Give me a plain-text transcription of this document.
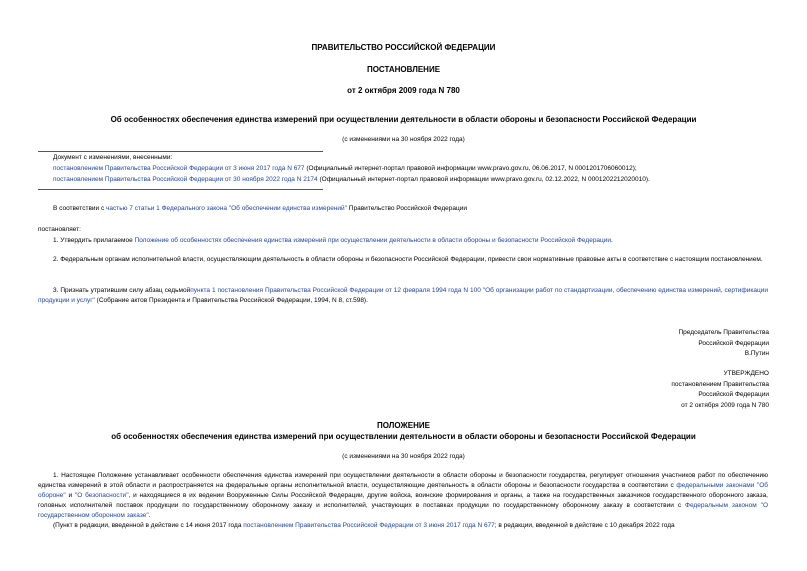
ПРАВИТЕЛЬСТВО РОССИЙСКОЙ ФЕДЕРАЦИИ
ПОСТАНОВЛЕНИЕ
от 2 октября 2009 года N 780
Об особенностях обеспечения единства измерений при осуществлении деятельности в области обороны и безопасности Российской Федерации
(с изменениями на 30 ноября 2022 года)
Документ с изменениями, внесенными:
постановлением Правительства Российской Федерации от 3 июня 2017 года N 677 (Официальный интернет-портал правовой информации www.pravo.gov.ru, 06.06.2017, N 0001201706060012);
постановлением Правительства Российской Федерации от 30 ноября 2022 года N 2174 (Официальный интернет-портал правовой информации www.pravo.gov.ru, 02.12.2022, N 0001202212020010).
В соответствии с частью 7 статьи 1 Федерального закона "Об обеспечении единства измерений" Правительство Российской Федерации
постановляет:
1. Утвердить прилагаемое Положение об особенностях обеспечения единства измерений при осуществлении деятельности в области обороны и безопасности Российской Федерации.
2. Федеральным органам исполнительной власти, осуществляющим деятельность в области обороны и безопасности Российской Федерации, привести свои нормативные правовые акты в соответствие с настоящим постановлением.
3. Признать утратившим силу абзац седьмойпункта 1 постановления Правительства Российской Федерации от 12 февраля 1994 года N 100 "Об организации работ по стандартизации, обеспечению единства измерений, сертификации продукции и услуг" (Собрание актов Президента и Правительства Российской Федерации, 1994, N 8, ст.598).
Председатель Правительства
Российской Федерации
В.Путин
УТВЕРЖДЕНО
постановлением Правительства
Российской Федерации
от 2 октября 2009 года N 780
ПОЛОЖЕНИЕ
об особенностях обеспечения единства измерений при осуществлении деятельности в области обороны и безопасности Российской Федерации
(с изменениями на 30 ноября 2022 года)
1. Настоящее Положение устанавливает особенности обеспечения единства измерений при осуществлении деятельности в области обороны и безопасности государства, регулирует отношения участников работ по обеспечению единства измерений в этой области и распространяется на федеральные органы исполнительной власти, осуществляющие деятельность в области обороны и безопасности государства в соответствии с федеральными законами "Об обороне" и "О безопасности", и находящиеся в их ведении Вооруженные Силы Российской Федерации, другие войска, воинские формирования и органы, а также на государственных заказчиков государственного оборонного заказа, головных исполнителей поставок продукции по государственному оборонному заказу и исполнителей, участвующих в поставках продукции по государственному оборонному заказу в соответствии с Федеральным законом "О государственном оборонном заказе".
(Пункт в редакции, введенной в действие с 14 июня 2017 года постановлением Правительства Российской Федерации от 3 июня 2017 года N 677; в редакции, введенной в действие с 10 декабря 2022 года
